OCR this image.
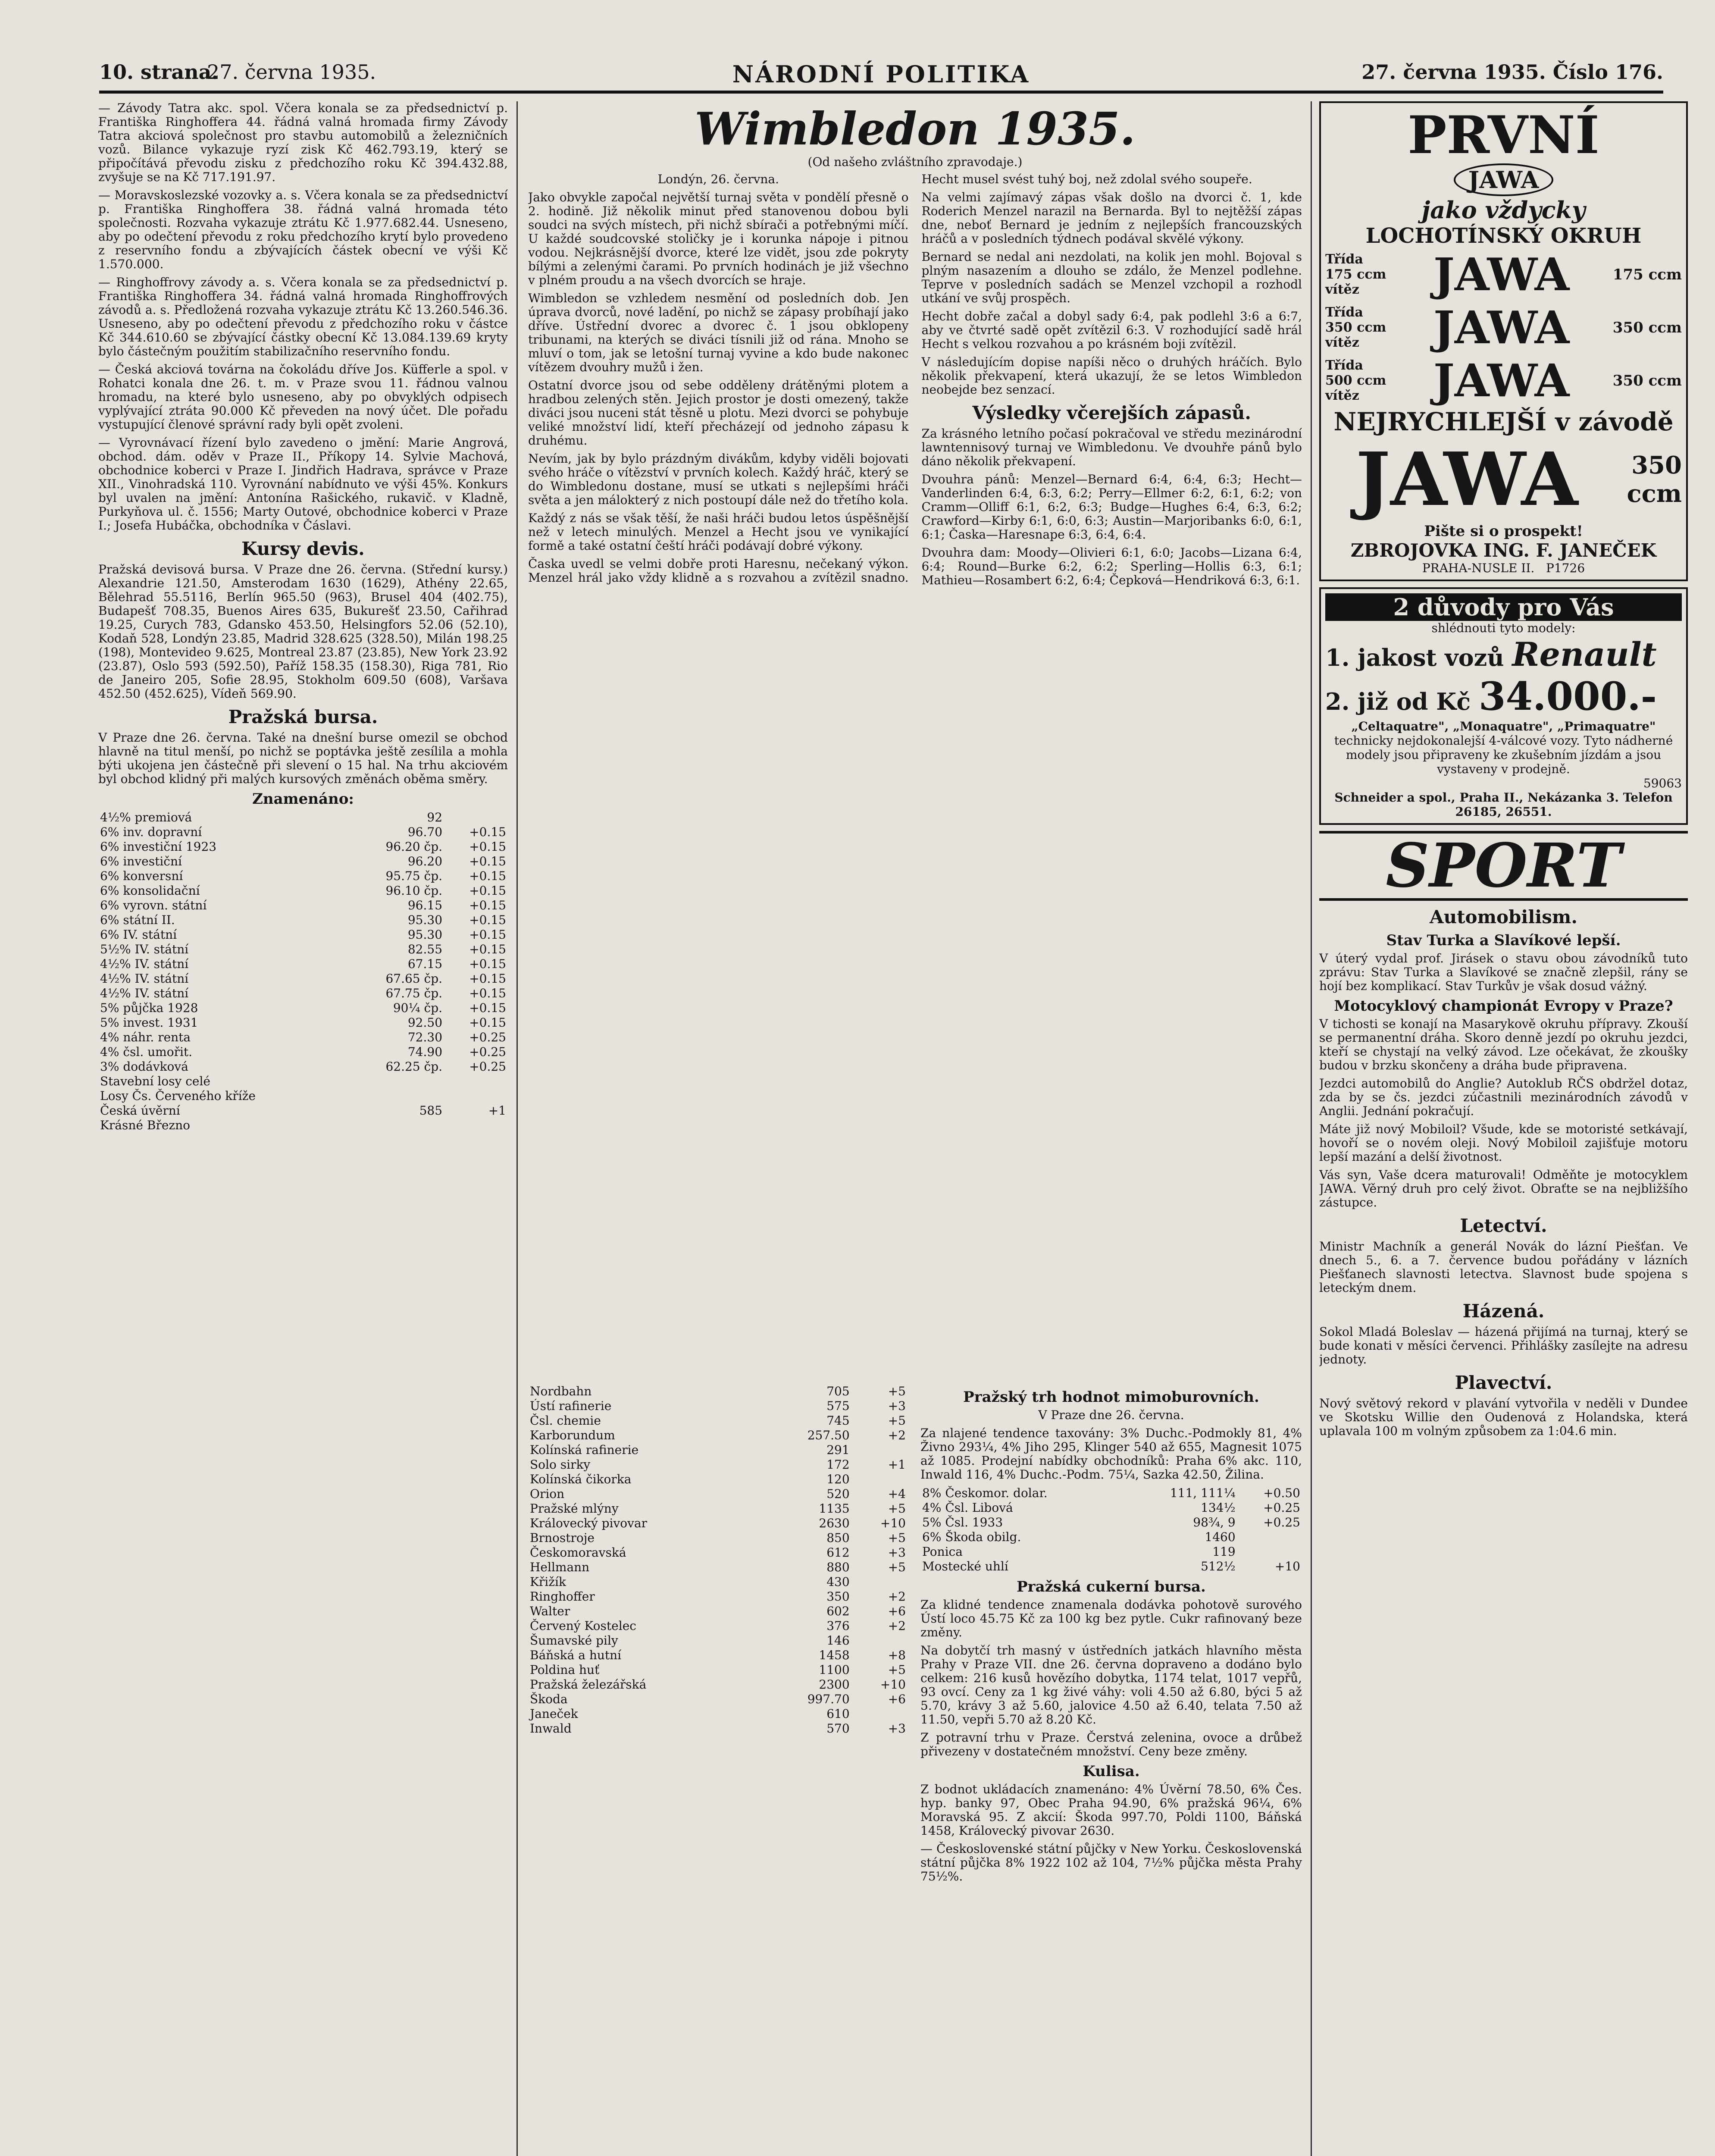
10. strana.
27. června 1935.	NÁRODNÍ POLITIKA	27. června 1935. Číslo 176.

— Závody Tatra akc. spol. Včera konala se za předsednictví p. Františka Ringhoffera 44. řádná valná hromada firmy Závody Tatra akciová společnost pro stavbu automobilů a železničních vozů. Bilance vykazuje ryzí zisk Kč 462.793.19, který se připočítává převodu zisku z předchozího roku Kč 394.432.88, zvyšuje se na Kč 717.191.97.

— Moravskoslezské vozovky a. s. Včera konala se za předsednictví p. Františka Ringhoffera 38. řádná valná hromada této společnosti. Rozvaha vykazuje ztrátu Kč 1.977.682.44. Usneseno, aby po odečtení převodu z roku předchozího krytí bylo provedeno z reservního fondu a zbývajících částek obecní ve výši Kč 1.570.000.

— Ringhoffrovy závody a. s. Včera konala se za předsednictví p. Františka Ringhoffera 34. řádná valná hromada Ringhoffrových závodů a. s. Předložená rozvaha vykazuje ztrátu Kč 13.260.546.36. Usneseno, aby po odečtení převodu z předchozího roku v částce Kč 344.610.60 se zbývající částky obecní Kč 13.084.139.69 kryty bylo částečným použitím stabilizačního reservního fondu.

— Česká akciová továrna na čokoládu dříve Jos. Küfferle a spol. v Rohatci konala dne 26. t. m. v Praze svou 11. řádnou valnou hromadu, na které bylo usneseno, aby po obvyklých odpisech vyplývající ztráta 90.000 Kč převeden na nový účet. Dle pořadu vystupující členové správní rady byli opět zvoleni.

— Vyrovnávací řízení bylo zavedeno o jmění: Marie Angrová, obchod. dám. oděv v Praze II., Příkopy 14. Sylvie Machová, obchodnice koberci v Praze I. Jindřich Hadrava, správce v Praze XII., Vinohradská 110. Vyrovnání nabídnuto ve výši 45%. Konkurs byl uvalen na jmění: Antonína Rašického, rukavič. v Kladně, Purkyňova ul. č. 1556; Marty Outové, obchodnice koberci v Praze I.; Josefa Hubáčka, obchodníka v Čáslavi.

Kursy devis.

Pražská devisová bursa. V Praze dne 26. června. (Střední kursy.) Alexandrie 121.50, Amsterodam 1630 (1629), Athény 22.65, Bělehrad 55.5116, Berlín 965.50 (963), Brusel 404 (402.75), Budapešť 708.35, Buenos Aires 635, Bukurešť 23.50, Cařihrad 19.25, Curych 783, Gdansko 453.50, Helsingfors 52.06 (52.10), Kodaň 528, Londýn 23.85, Madrid 328.625 (328.50), Milán 198.25 (198), Montevideo 9.625, Montreal 23.87 (23.85), New York 23.92 (23.87), Oslo 593 (592.50), Paříž 158.35 (158.30), Riga 781, Rio de Janeiro 205, Sofie 28.95, Stokholm 609.50 (608), Varšava 452.50 (452.625), Vídeň 569.90.

Pražská bursa.

V Praze dne 26. června. Také na dnešní burse omezil se obchod hlavně na titul menší, po nichž se poptávka ještě zesílila a mohla býti ukojena jen částečně při slevení o 15 hal. Na trhu akciovém byl obchod klidný při malých kursových změnách oběma směry.

Znamenáno:
4½% premiová	92	
6% inv. dopravní	96.70	+0.15
6% investiční 1923	96.20 čp.	+0.15
6% investiční	96.20	+0.15
6% konversní	95.75 čp.	+0.15
6% konsolidační	96.10 čp.	+0.15
6% vyrovn. státní	96.15	+0.15
6% státní II.	95.30	+0.15
6% IV. státní	95.30	+0.15
5½% IV. státní	82.55	+0.15
4½% IV. státní	67.15	+0.15
4½% IV. státní	67.65 čp.	+0.15
4½% IV. státní	67.75 čp.	+0.15
5% půjčka 1928	90¼ čp.	+0.15
5% invest. 1931	92.50	+0.15
4% náhr. renta	72.30	+0.25
4% čsl. umořit.	74.90	+0.25
3% dodávková	62.25 čp.	+0.25
Stavební losy celé		
Losy Čs. Červeného kříže		
Česká úvěrní	585	+1
Krásné Březno		
Wimbledon 1935.
(Od našeho zvláštního zpravodaje.)

Londýn, 26. června.

Jako obvykle započal největší turnaj světa v pondělí přesně o 2. hodině. Již několik minut před stanovenou dobou byli soudci na svých místech, při nichž sbírači a potřebnými míčí. U každé soudcovské stoličky je i korunka nápoje i pitnou vodou. Nejkrásnější dvorce, které lze vidět, jsou zde pokryty bílými a zelenými čarami. Po prvních hodinách je již všechno v plném proudu a na všech dvorcích se hraje.

Wimbledon se vzhledem nesmění od posledních dob. Jen úprava dvorců, nové ladění, po nichž se zápasy probíhají jako dříve. Ústřední dvorec a dvorec č. 1 jsou obklopeny tribunami, na kterých se diváci tísnili již od rána. Mnoho se mluví o tom, jak se letošní turnaj vyvine a kdo bude nakonec vítězem dvouhry mužů i žen.

Ostatní dvorce jsou od sebe odděleny drátěnými plotem a hradbou zelených stěn. Jejich prostor je dosti omezený, takže diváci jsou nuceni stát těsně u plotu. Mezi dvorci se pohybuje veliké množství lidí, kteří přecházejí od jednoho zápasu k druhému.

Nevím, jak by bylo prázdným divákům, kdyby viděli bojovati svého hráče o vítězství v prvních kolech. Každý hráč, který se do Wimbledonu dostane, musí se utkati s nejlepšími hráči světa a jen málokterý z nich postoupí dále než do třetího kola.

Každý z nás se však těší, že naši hráči budou letos úspěšnější než v letech minulých. Menzel a Hecht jsou ve vynikající formě a také ostatní čeští hráči podávají dobré výkony.

Časka uvedl se velmi dobře proti Haresnu, nečekaný výkon. Menzel hrál jako vždy klidně a s rozvahou a zvítězil snadno. Hecht musel svést tuhý boj, než zdolal svého soupeře.

Na velmi zajímavý zápas však došlo na dvorci č. 1, kde Roderich Menzel narazil na Bernarda. Byl to nejtěžší zápas dne, neboť Bernard je jedním z nejlepších francouzských hráčů a v posledních týdnech podával skvělé výkony.

Bernard se nedal ani nezdolati, na kolik jen mohl. Bojoval s plným nasazením a dlouho se zdálo, že Menzel podlehne. Teprve v posledních sadách se Menzel vzchopil a rozhodl utkání ve svůj prospěch.

Hecht dobře začal a dobyl sady 6:4, pak podlehl 3:6 a 6:7, aby ve čtvrté sadě opět zvítězil 6:3. V rozhodující sadě hrál Hecht s velkou rozvahou a po krásném boji zvítězil.

V následujícím dopise napíši něco o druhých hráčích. Bylo několik překvapení, která ukazují, že se letos Wimbledon neobejde bez senzací.

Výsledky včerejších zápasů.

Za krásného letního počasí pokračoval ve středu mezinárodní lawntennisový turnaj ve Wimbledonu. Ve dvouhře pánů bylo dáno několik překvapení.

Dvouhra pánů: Menzel—Bernard 6:4, 6:4, 6:3; Hecht—Vanderlinden 6:4, 6:3, 6:2; Perry—Ellmer 6:2, 6:1, 6:2; von Cramm—Olliff 6:1, 6:2, 6:3; Budge—Hughes 6:4, 6:3, 6:2; Crawford—Kirby 6:1, 6:0, 6:3; Austin—Marjoribanks 6:0, 6:1, 6:1; Časka—Haresnape 6:3, 6:4, 6:4.

Dvouhra dam: Moody—Olivieri 6:1, 6:0; Jacobs—Lizana 6:4, 6:4; Round—Burke 6:2, 6:2; Sperling—Hollis 6:3, 6:1; Mathieu—Rosambert 6:2, 6:4; Čepková—Hendriková 6:3, 6:1.

Nordbahn	705	+5
Ústí rafinerie	575	+3
Čsl. chemie	745	+5
Karborundum	257.50	+2
Kolínská rafinerie	291	
Solo sirky	172	+1
Kolínská čikorka	120	
Orion	520	+4
Pražské mlýny	1135	+5
Královecký pivovar	2630	+10
Brnostroje	850	+5
Českomoravská	612	+3
Hellmann	880	+5
Křižík	430	
Ringhoffer	350	+2
Walter	602	+6
Červený Kostelec	376	+2
Šumavské pily	146	
Báňská a hutní	1458	+8
Poldina huť	1100	+5
Pražská železářská	2300	+10
Škoda	997.70	+6
Janeček	610	
Inwald	570	+3
Pražský trh hodnot mimoburovních.

V Praze dne 26. června.

Za nlajené tendence taxovány: 3% Duchc.-Podmokly 81, 4% Živno 293¼, 4% Jiho 295, Klinger 540 až 655, Magnesit 1075 až 1085. Prodejní nabídky obchodníků: Praha 6% akc. 110, Inwald 116, 4% Duchc.-Podm. 75¼, Sazka 42.50, Žilina.

8% Českomor. dolar.	111, 111¼	+0.50
4% Čsl. Libová	134½	+0.25
5% Čsl. 1933	98¾, 9	+0.25
6% Škoda obilg.	1460	
Ponica	119	
Mostecké uhlí	512½	+10
Pražská cukerní bursa.

Za klidné tendence znamenala dodávka pohotově surového Ústí loco 45.75 Kč za 100 kg bez pytle. Cukr rafinovaný beze změny.

Na dobytčí trh masný v ústředních jatkách hlavního města Prahy v Praze VII. dne 26. června dopraveno a dodáno bylo celkem: 216 kusů hovězího dobytka, 1174 telat, 1017 vepřů, 93 ovcí. Ceny za 1 kg živé váhy: voli 4.50 až 6.80, býci 5 až 5.70, krávy 3 až 5.60, jalovice 4.50 až 6.40, telata 7.50 až 11.50, vepři 5.70 až 8.20 Kč.

Z potravní trhu v Praze. Čerstvá zelenina, ovoce a drůbež přivezeny v dostatečném množství. Ceny beze změny.

Kulisa.

Z bodnot ukládacích znamenáno: 4% Úvěrní 78.50, 6% Čes. hyp. banky 97, Obec Praha 94.90, 6% pražská 96¼, 6% Moravská 95. Z akcií: Škoda 997.70, Poldi 1100, Báňská 1458, Královecký pivovar 2630.

— Československé státní půjčky v New Yorku. Československá státní půjčka 8% 1922 102 až 104, 7½% půjčka města Prahy 75½%.

PRVNÍ
JAWA
jako vždycky
LOCHOTÍNSKÝ OKRUH
Třída 175 ccm vítěz	JAWA	175 ccm
Třída 350 ccm vítěz	JAWA	350 ccm
Třída 500 ccm vítěz	JAWA	350 ccm
NEJRYCHLEJŠÍ v závodě
JAWA	350 ccm
Pište si o prospekt!
ZBROJOVKA ING. F. JANEČEK
PRAHA-NUSLE II. P1726
2 důvody pro Vás
shlédnouti tyto modely:
1. jakost vozů Renault
2. již od Kč 34.000.-
„Celtaquatre", „Monaquatre", „Primaquatre"
technicky nejdokonalejší 4-válcové vozy. Tyto nádherné modely jsou připraveny ke zkušebním jízdám a jsou vystaveny v prodejně.
59063
Schneider a spol., Praha II., Nekázanka 3. Telefon 26185, 26551.
SPORT
Automobilism.
Stav Turka a Slavíkové lepší.

V úterý vydal prof. Jirásek o stavu obou závodníků tuto zprávu: Stav Turka a Slavíkové se značně zlepšil, rány se hojí bez komplikací. Stav Turkův je však dosud vážný.

Motocyklový championát Evropy v Praze?

V tichosti se konají na Masarykově okruhu přípravy. Zkouší se permanentní dráha. Skoro denně jezdí po okruhu jezdci, kteří se chystají na velký závod. Lze očekávat, že zkoušky budou v brzku skončeny a dráha bude připravena.

Jezdci automobilů do Anglie? Autoklub RČS obdržel dotaz, zda by se čs. jezdci zúčastnili mezinárodních závodů v Anglii. Jednání pokračují.

Máte již nový Mobiloil? Všude, kde se motoristé setkávají, hovoří se o novém oleji. Nový Mobiloil zajišťuje motoru lepší mazání a delší životnost.

Vás syn, Vaše dcera maturovali! Odměňte je motocyklem JAWA. Věrný druh pro celý život. Obraťte se na nejbližšího zástupce.

Letectví.

Ministr Machník a generál Novák do lázní Piešťan. Ve dnech 5., 6. a 7. července budou pořádány v lázních Piešťanech slavnosti letectva. Slavnost bude spojena s leteckým dnem.

Házená.

Sokol Mladá Boleslav — házená přijímá na turnaj, který se bude konati v měsíci červenci. Přihlášky zasílejte na adresu jednoty.

Plavectví.

Nový světový rekord v plavání vytvořila v neděli v Dundee ve Skotsku Willie den Oudenová z Holandska, která uplavala 100 m volným způsobem za 1:04.6 min.
